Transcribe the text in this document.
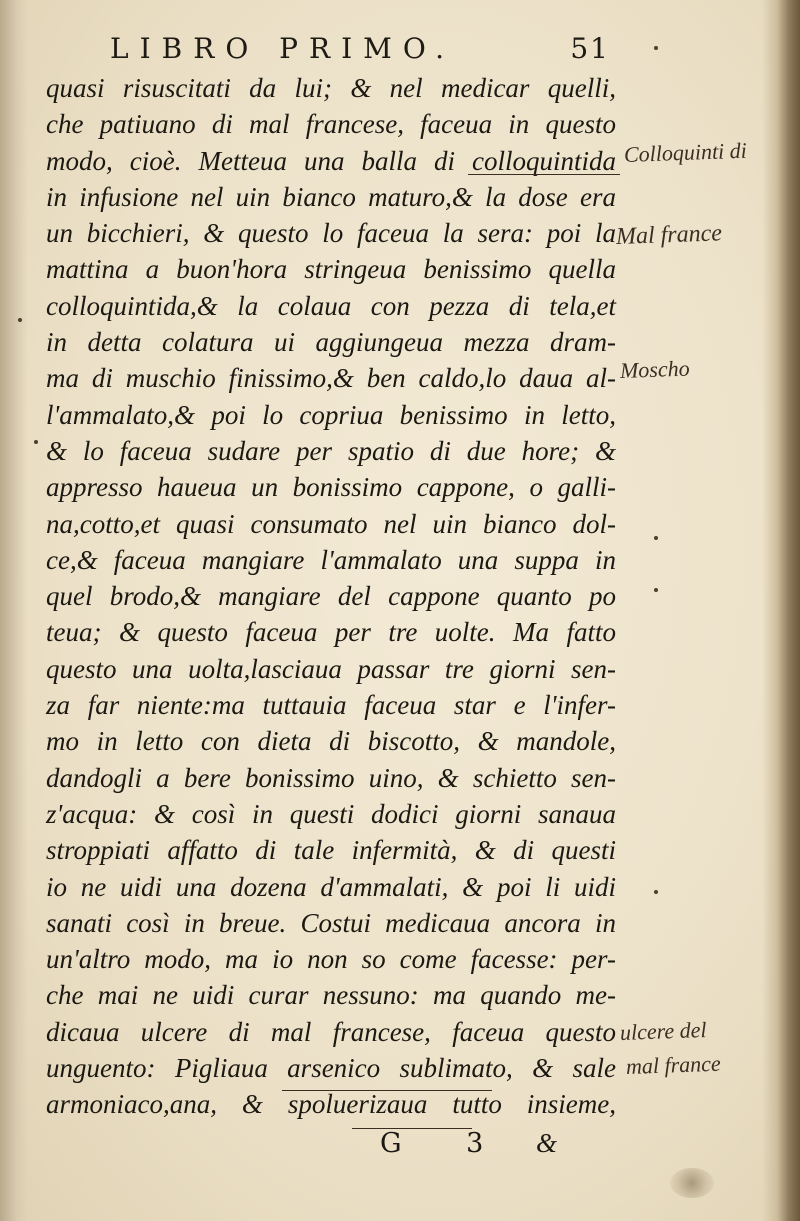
LIBRO PRIMO.	51
quasi risuscitati da lui; & nel medicar quelli,
che patiuano di mal francese, faceua in questo
modo, cioè. Metteua una balla di colloquintida
in infusione nel uin bianco maturo,& la dose era
un bicchieri, & questo lo faceua la sera: poi la
mattina a buon'hora stringeua benissimo quella
colloquintida,& la colaua con pezza di tela,et
in detta colatura ui aggiungeua mezza dram-
ma di muschio finissimo,& ben caldo,lo daua al-
l'ammalato,& poi lo copriua benissimo in letto,
& lo faceua sudare per spatio di due hore; &
appresso haueua un bonissimo cappone, o galli-
na,cotto,et quasi consumato nel uin bianco dol-
ce,& faceua mangiare l'ammalato una suppa in
quel brodo,& mangiare del cappone quanto po
teua; & questo faceua per tre uolte. Ma fatto
questo una uolta,lasciaua passar tre giorni sen-
za far niente:ma tuttauia faceua star e l'infer-
mo in letto con dieta di biscotto, & mandole,
dandogli a bere bonissimo uino, & schietto sen-
z'acqua: & così in questi dodici giorni sanaua
stroppiati affatto di tale infermità, & di questi
io ne uidi una dozena d'ammalati, & poi li uidi
sanati così in breue. Costui medicaua ancora in
un'altro modo, ma io non so come facesse: per-
che mai ne uidi curar nessuno: ma quando me-
dicaua ulcere di mal francese, faceua questo
unguento: Pigliaua arsenico sublimato, & sale
armoniaco,ana, & spoluerizaua tutto insieme,
Colloquinti di
Mal france
Moscho
ulcere del
mal france
G 3 &
